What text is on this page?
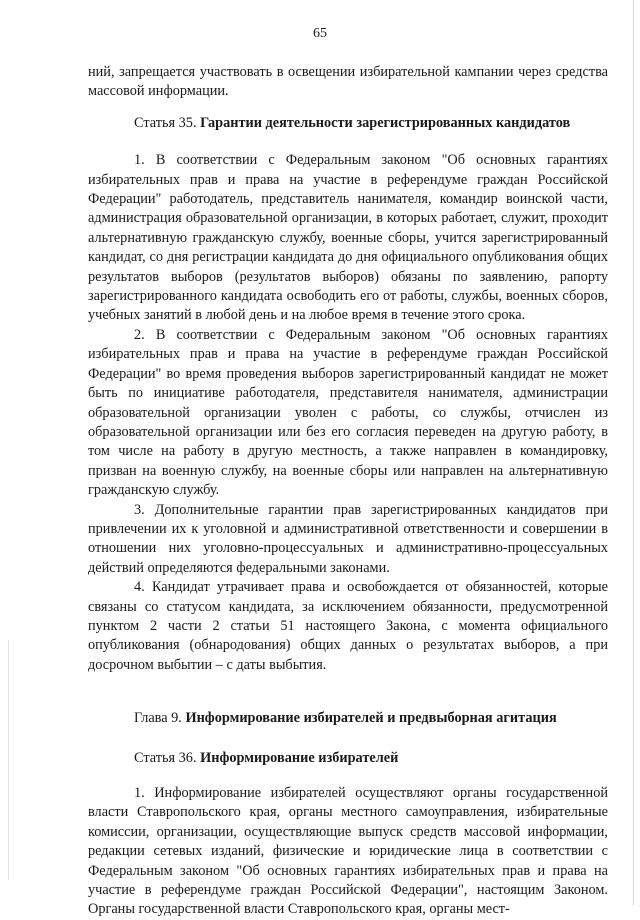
65

ний, запрещается участвовать в освещении избирательной кампании через средства массовой информации.

Статья 35. Гарантии деятельности зарегистрированных кандидатов

1. В соответствии с Федеральным законом "Об основных гарантиях избирательных прав и права на участие в референдуме граждан Российской Федерации" работодатель, представитель нанимателя, командир воинской части, администрация образовательной организации, в которых работает, служит, проходит альтернативную гражданскую службу, военные сборы, учится зарегистрированный кандидат, со дня регистрации кандидата до дня официального опубликования общих результатов выборов (результатов выборов) обязаны по заявлению, рапорту зарегистрированного кандидата освободить его от работы, службы, военных сборов, учебных занятий в любой день и на любое время в течение этого срока.

2. В соответствии с Федеральным законом "Об основных гарантиях избирательных прав и права на участие в референдуме граждан Российской Федерации" во время проведения выборов зарегистрированный кандидат не может быть по инициативе работодателя, представителя нанимателя, администрации образовательной организации уволен с работы, со службы, отчислен из образовательной организации или без его согласия переведен на другую работу, в том числе на работу в другую местность, а также направлен в командировку, призван на военную службу, на военные сборы или направлен на альтернативную гражданскую службу.

3. Дополнительные гарантии прав зарегистрированных кандидатов при привлечении их к уголовной и административной ответственности и совершении в отношении них уголовно-процессуальных и административно-процессуальных действий определяются федеральными законами.

4. Кандидат утрачивает права и освобождается от обязанностей, которые связаны со статусом кандидата, за исключением обязанности, предусмотренной пунктом 2 части 2 статьи 51 настоящего Закона, с момента официального опубликования (обнародования) общих данных о результатах выборов, а при досрочном выбытии – с даты выбытия.

Глава 9. Информирование избирателей и предвыборная агитация

Статья 36. Информирование избирателей

1. Информирование избирателей осуществляют органы государственной власти Ставропольского края, органы местного самоуправления, избирательные комиссии, организации, осуществляющие выпуск средств массовой информации, редакции сетевых изданий, физические и юридические лица в соответствии с Федеральным законом "Об основных гарантиях избирательных прав и права на участие в референдуме граждан Российской Федерации", настоящим Законом. Органы государственной власти Ставропольского края, органы мест-
